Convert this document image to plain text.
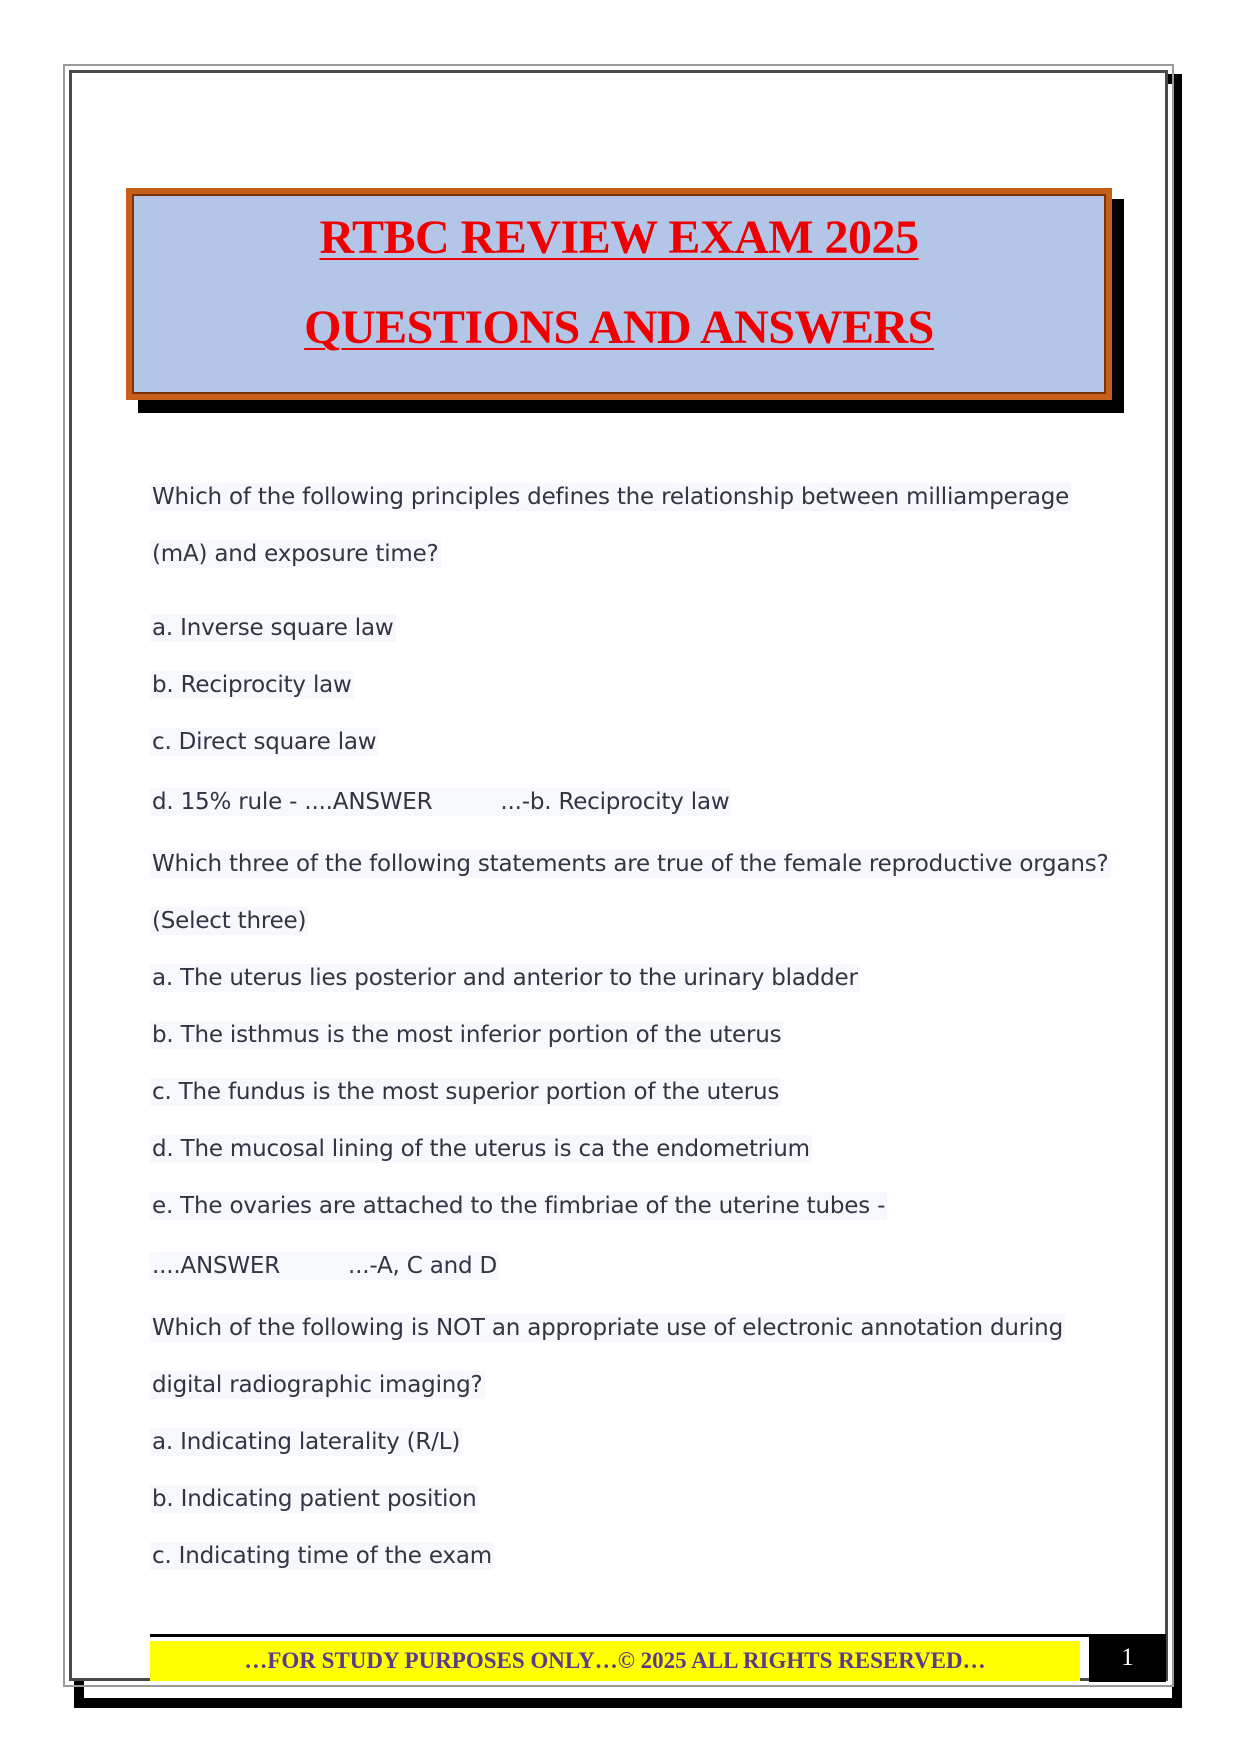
RTBC REVIEW EXAM 2025
QUESTIONS AND ANSWERS
Which of the following principles defines the relationship between milliamperage
(mA) and exposure time?
a. Inverse square law
b. Reciprocity law
c. Direct square law
d. 15% rule - ....ANSWER	...-b. Reciprocity law
Which three of the following statements are true of the female reproductive organs?
(Select three)
a. The uterus lies posterior and anterior to the urinary bladder
b. The isthmus is the most inferior portion of the uterus
c. The fundus is the most superior portion of the uterus
d. The mucosal lining of the uterus is ca the endometrium
e. The ovaries are attached to the fimbriae of the uterine tubes -
....ANSWER	...-A, C and D
Which of the following is NOT an appropriate use of electronic annotation during
digital radiographic imaging?
a. Indicating laterality (R/L)
b. Indicating patient position
c. Indicating time of the exam
…FOR STUDY PURPOSES ONLY…© 2025 ALL RIGHTS RESERVED…	1
